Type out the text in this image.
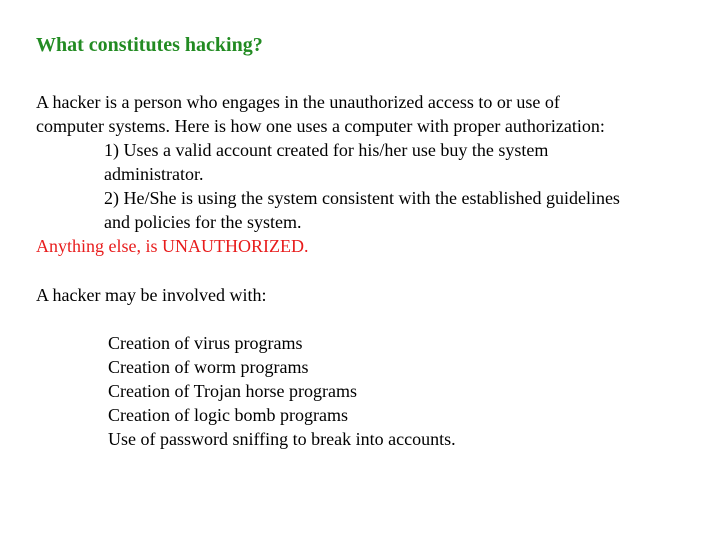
What constitutes hacking?
A hacker is a person who engages in the unauthorized access to or use of
computer systems. Here is how one uses a computer with proper authorization:
1) Uses a valid account created for his/her use buy the system
administrator.
2) He/She is using the system consistent with the established guidelines
and policies for the system.
Anything else, is UNAUTHORIZED.
A hacker may be involved with:
Creation of virus programs
Creation of worm programs
Creation of Trojan horse programs
Creation of logic bomb programs
Use of password sniffing to break into accounts.
